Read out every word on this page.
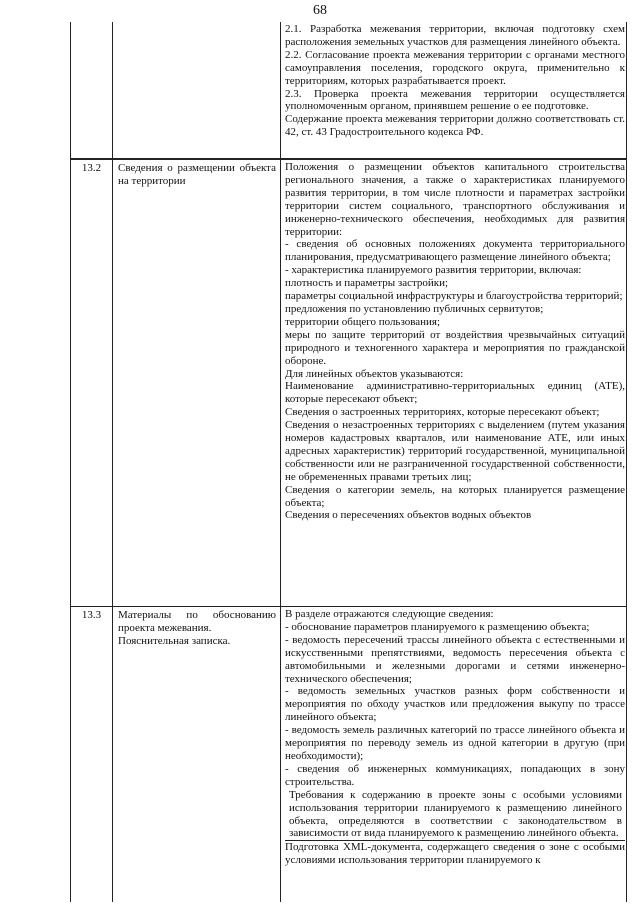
68

2.1. Разработка межевания территории, включая подготовку схем расположения земельных участков для размещения линейного объекта.

2.2. Согласование проекта межевания территории с органами местного самоуправления поселения, городского округа, применительно к территориям, которых разрабатывается проект.

2.3. Проверка проекта межевания территории осуществляется уполномоченным органом, принявшем решение о ее подготовке.

Содержание проекта межевания территории должно соответствовать ст. 42, ст. 43 Градостроительного кодекса РФ.

13.2	Сведения о размещении объекта на территории

Положения о размещении объектов капитального строительства регионального значения, а также о характеристиках планируемого развития территории, в том числе плотности и параметрах застройки территории систем социального, транспортного обслуживания и инженерно-технического обеспечения, необходимых для развития территории:

- сведения об основных положениях документа территориального планирования, предусматривающего размещение линейного объекта;

- характеристика планируемого развития территории, включая:

плотность и параметры застройки;

параметры социальной инфраструктуры и благоустройства территорий;

предложения по установлению публичных сервитутов;

территории общего пользования;

меры по защите территорий от воздействия чрезвычайных ситуаций природного и техногенного характера и мероприятия по гражданской обороне.

Для линейных объектов указываются:

Наименование административно-территориальных единиц (АТЕ), которые пересекают объект;

Сведения о застроенных территориях, которые пересекают объект;

Сведения о незастроенных территориях с выделением (путем указания номеров кадастровых кварталов, или наименование АТЕ, или иных адресных характеристик) территорий государственной, муниципальной собственности или не разграниченной государственной собственности, не обремененных правами третьих лиц;

Сведения о категории земель, на которых планируется размещение объекта;

Сведения о пересечениях объектов водных объектов

13.3	Материалы по обоснованию проекта межевания.

Пояснительная записка.

В разделе отражаются следующие сведения:

- обоснование параметров планируемого к размещению объекта;

- ведомость пересечений трассы линейного объекта с естественными и искусственными препятствиями, ведомость пересечения объекта с автомобильными и железными дорогами и сетями инженерно-технического обеспечения;

- ведомость земельных участков разных форм собственности и мероприятия по обходу участков или предложения выкупу по трассе линейного объекта;

- ведомость земель различных категорий по трассе линейного объекта и мероприятия по переводу земель из одной категории в другую (при необходимости);

- сведения об инженерных коммуникациях, попадающих в зону строительства.

Требования к содержанию в проекте зоны с особыми условиями использования территории планируемого к размещению линейного объекта, определяются в соответствии с законодательством в зависимости от вида планируемого к размещению линейного объекта.

Подготовка XML-документа, содержащего сведения о зоне с особыми условиями использования территории планируемого к
